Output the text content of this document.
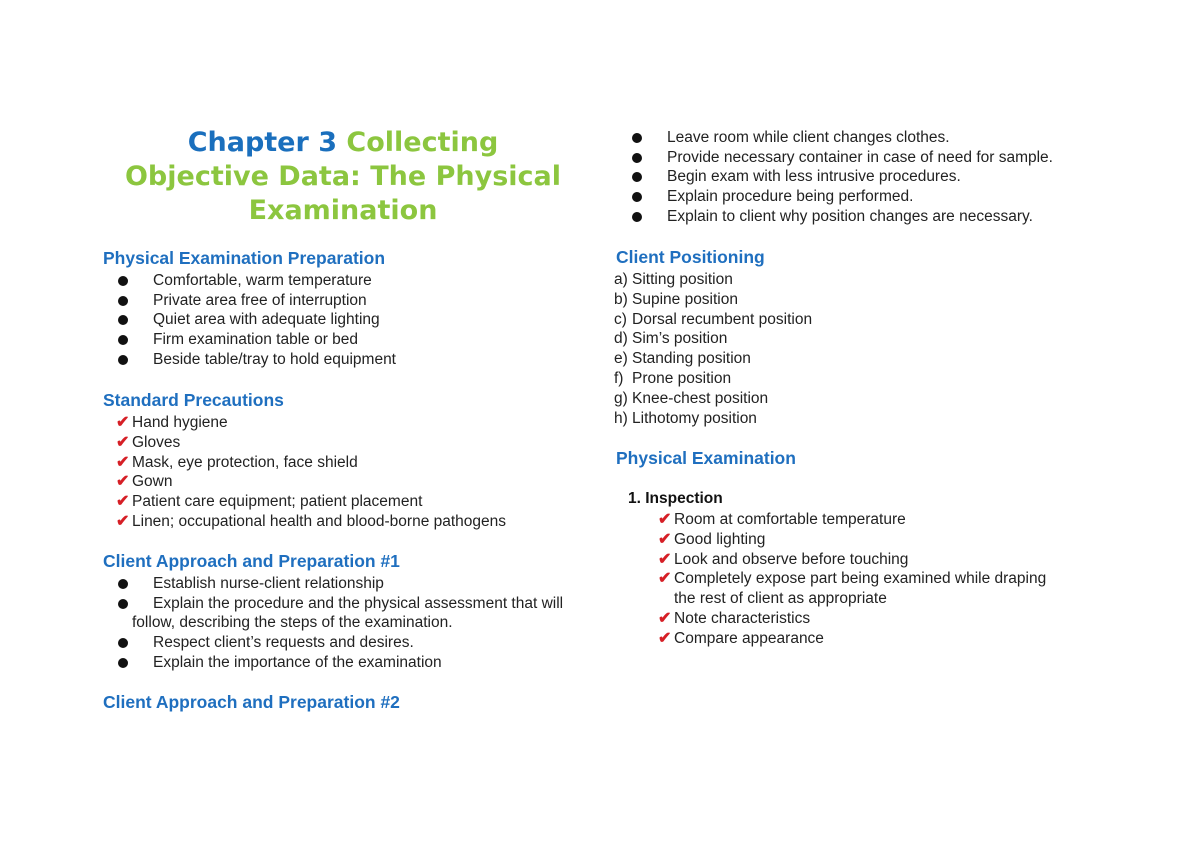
Chapter 3 Collecting
Objective Data: The Physical
Examination
Physical Examination Preparation
Comfortable, warm temperature
Private area free of interruption
Quiet area with adequate lighting
Firm examination table or bed
Beside table/tray to hold equipment
Standard Precautions
✔ Hand hygiene
✔ Gloves
✔ Mask, eye protection, face shield
✔ Gown
✔ Patient care equipment; patient placement
✔ Linen; occupational health and blood-borne pathogens
Client Approach and Preparation #1
Establish nurse-client relationship
Explain the procedure and the physical assessment that will follow, describing the steps of the examination.
Respect client’s requests and desires.
Explain the importance of the examination
Client Approach and Preparation #2
Leave room while client changes clothes.
Provide necessary container in case of need for sample.
Begin exam with less intrusive procedures.
Explain procedure being performed.
Explain to client why position changes are necessary.
Client Positioning
a) Sitting position
b) Supine position
c) Dorsal recumbent position
d) Sim’s position
e) Standing position
f) Prone position
g) Knee-chest position
h) Lithotomy position
Physical Examination
1. Inspection
✔ Room at comfortable temperature
✔ Good lighting
✔ Look and observe before touching
✔ Completely expose part being examined while draping
the rest of client as appropriate
✔ Note characteristics
✔ Compare appearance
